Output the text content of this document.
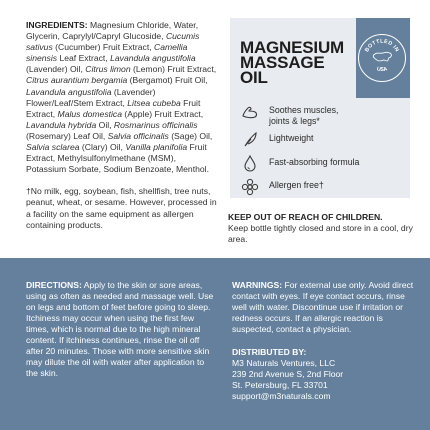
INGREDIENTS: Magnesium Chloride, Water, Glycerin, Caprylyl/Capryl Glucoside, Cucumis sativus (Cucumber) Fruit Extract, Camellia sinensis Leaf Extract, Lavandula angustifolia (Lavender) Oil, Citrus limon (Lemon) Fruit Extract, Citrus aurantium bergamia (Bergamot) Fruit Oil, Lavandula angustifolia (Lavender) Flower/Leaf/Stem Extract, Litsea cubeba Fruit Extract, Malus domestica (Apple) Fruit Extract, Lavandula hybrida Oil, Rosmarinus officinalis (Rosemary) Leaf Oil, Salvia officinalis (Sage) Oil, Salvia sclarea (Clary) Oil, Vanilla planifolia Fruit Extract, Methylsulfonylmethane (MSM), Potassium Sorbate, Sodium Benzoate, Menthol.
†No milk, egg, soybean, fish, shellfish, tree nuts, peanut, wheat, or sesame. However, processed in a facility on the same equipment as allergen containing products.
MAGNESIUM
MASSAGE
OIL
BOTTLED IN
USA
Soothes muscles,
joints & legs*
Lightweight
Fast-absorbing formula
Allergen free†
KEEP OUT OF REACH OF CHILDREN.
Keep bottle tightly closed and store in a cool, dry area.
DIRECTIONS: Apply to the skin or sore areas, using as often as needed and massage well. Use on legs and bottom of feet before going to sleep. Itchiness may occur when using the first few times, which is normal due to the high mineral content. If itchiness continues, rinse the oil off after 20 minutes. Those with more sensitive skin may dilute the oil with water after application to the skin.
WARNINGS: For external use only. Avoid direct contact with eyes. If eye contact occurs, rinse well with water. Discontinue use if irritation or redness occurs. If an allergic reaction is suspected, contact a physician.
DISTRIBUTED BY:
M3 Naturals Ventures, LLC
239 2nd Avenue S, 2nd Floor
St. Petersburg, FL 33701
support@m3naturals.com
